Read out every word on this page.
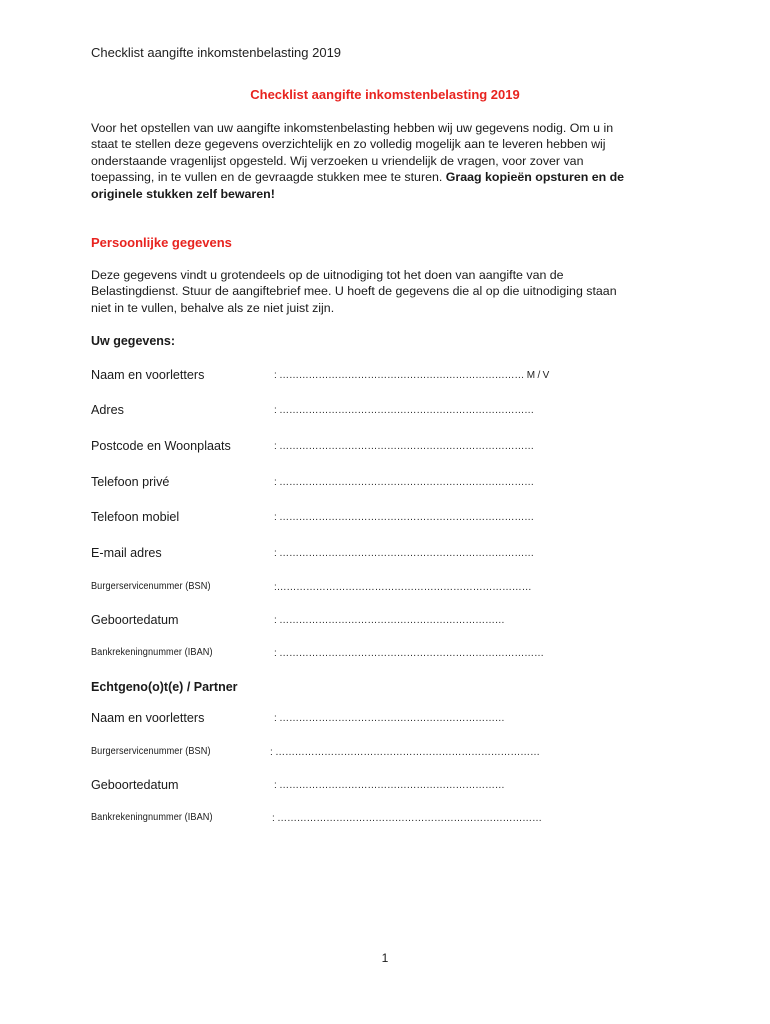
Checklist aangifte inkomstenbelasting 2019
Checklist aangifte inkomstenbelasting 2019
Voor het opstellen van uw aangifte inkomstenbelasting hebben wij uw gegevens nodig. Om u in
staat te stellen deze gegevens overzichtelijk en zo volledig mogelijk aan te leveren hebben wij
onderstaande vragenlijst opgesteld. Wij verzoeken u vriendelijk de vragen, voor zover van
toepassing, in te vullen en de gevraagde stukken mee te sturen. Graag kopieën opsturen en de
originele stukken zelf bewaren!
Persoonlijke gegevens
Deze gegevens vindt u grotendeels op de uitnodiging tot het doen van aangifte van de
Belastingdienst. Stuur de aangiftebrief mee. U hoeft de gegevens die al op die uitnodiging staan
niet in te vullen, behalve als ze niet juist zijn.
Uw gegevens:
Naam en voorletters	: ………………………………………………………………… M / V
Adres	: ……………………………………………………………………
Postcode en Woonplaats	: ……………………………………………………………………
Telefoon privé	: ……………………………………………………………………
Telefoon mobiel	: ……………………………………………………………………
E-mail adres	: ……………………………………………………………………
Burgerservicenummer (BSN)	:……………………………………………………………………
Geboortedatum	: ……………………………………………………………
Bankrekeningnummer (IBAN)	: ………………………………………………………………………
Echtgeno(o)t(e) / Partner
Naam en voorletters	: ……………………………………………………………
Burgerservicenummer (BSN)	: ………………………………………………………………………
Geboortedatum	: ……………………………………………………………
Bankrekeningnummer (IBAN)	: ………………………………………………………………………
1
